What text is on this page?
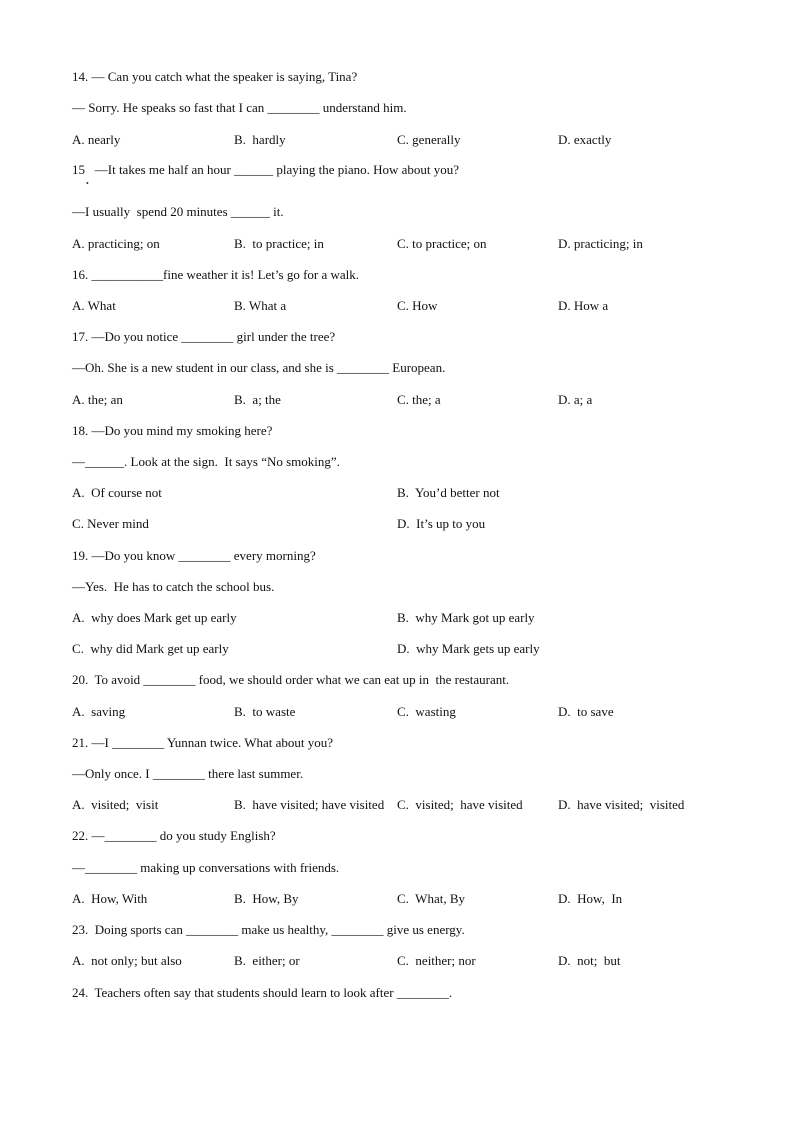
14. — Can you catch what the speaker is saying, Tina?
— Sorry. He speaks so fast that I can ________ understand him.
A. nearly	B.  hardly	C. generally	D. exactly
15   —It takes me half an hour ______ playing the piano. How about you?
•
—I usually  spend 20 minutes ______ it.
A. practicing; on	B.  to practice; in	C. to practice; on	D. practicing; in
16. ___________fine weather it is! Let’s go for a walk.
A. What	B. What a	C. How	D. How a
17. —Do you notice ________ girl under the tree?
—Oh. She is a new student in our class, and she is ________ European.
A. the; an	B.  a; the	C. the; a	D. a; a
18. —Do you mind my smoking here?
—______. Look at the sign.  It says “No smoking”.
A.  Of course not	B.  You’d better not
C. Never mind	D.  It’s up to you
19. —Do you know ________ every morning?
—Yes.  He has to catch the school bus.
A.  why does Mark get up early	B.  why Mark got up early
C.  why did Mark get up early	D.  why Mark gets up early
20.  To avoid ________ food, we should order what we can eat up in  the restaurant.
A.  saving	B.  to waste	C.  wasting	D.  to save
21. —I ________ Yunnan twice. What about you?
—Only once. I ________ there last summer.
A.  visited;  visit	B.  have visited; have visited C.  visited;  have visited	D.  have visited;  visited
22. —________ do you study English?
—________ making up conversations with friends.
A.  How, With	B.  How, By	C.  What, By	D.  How,  In
23.  Doing sports can ________ make us healthy, ________ give us energy.
A.  not only; but also	B.  either; or	C.  neither; nor	D.  not;  but
24.  Teachers often say that students should learn to look after ________.
